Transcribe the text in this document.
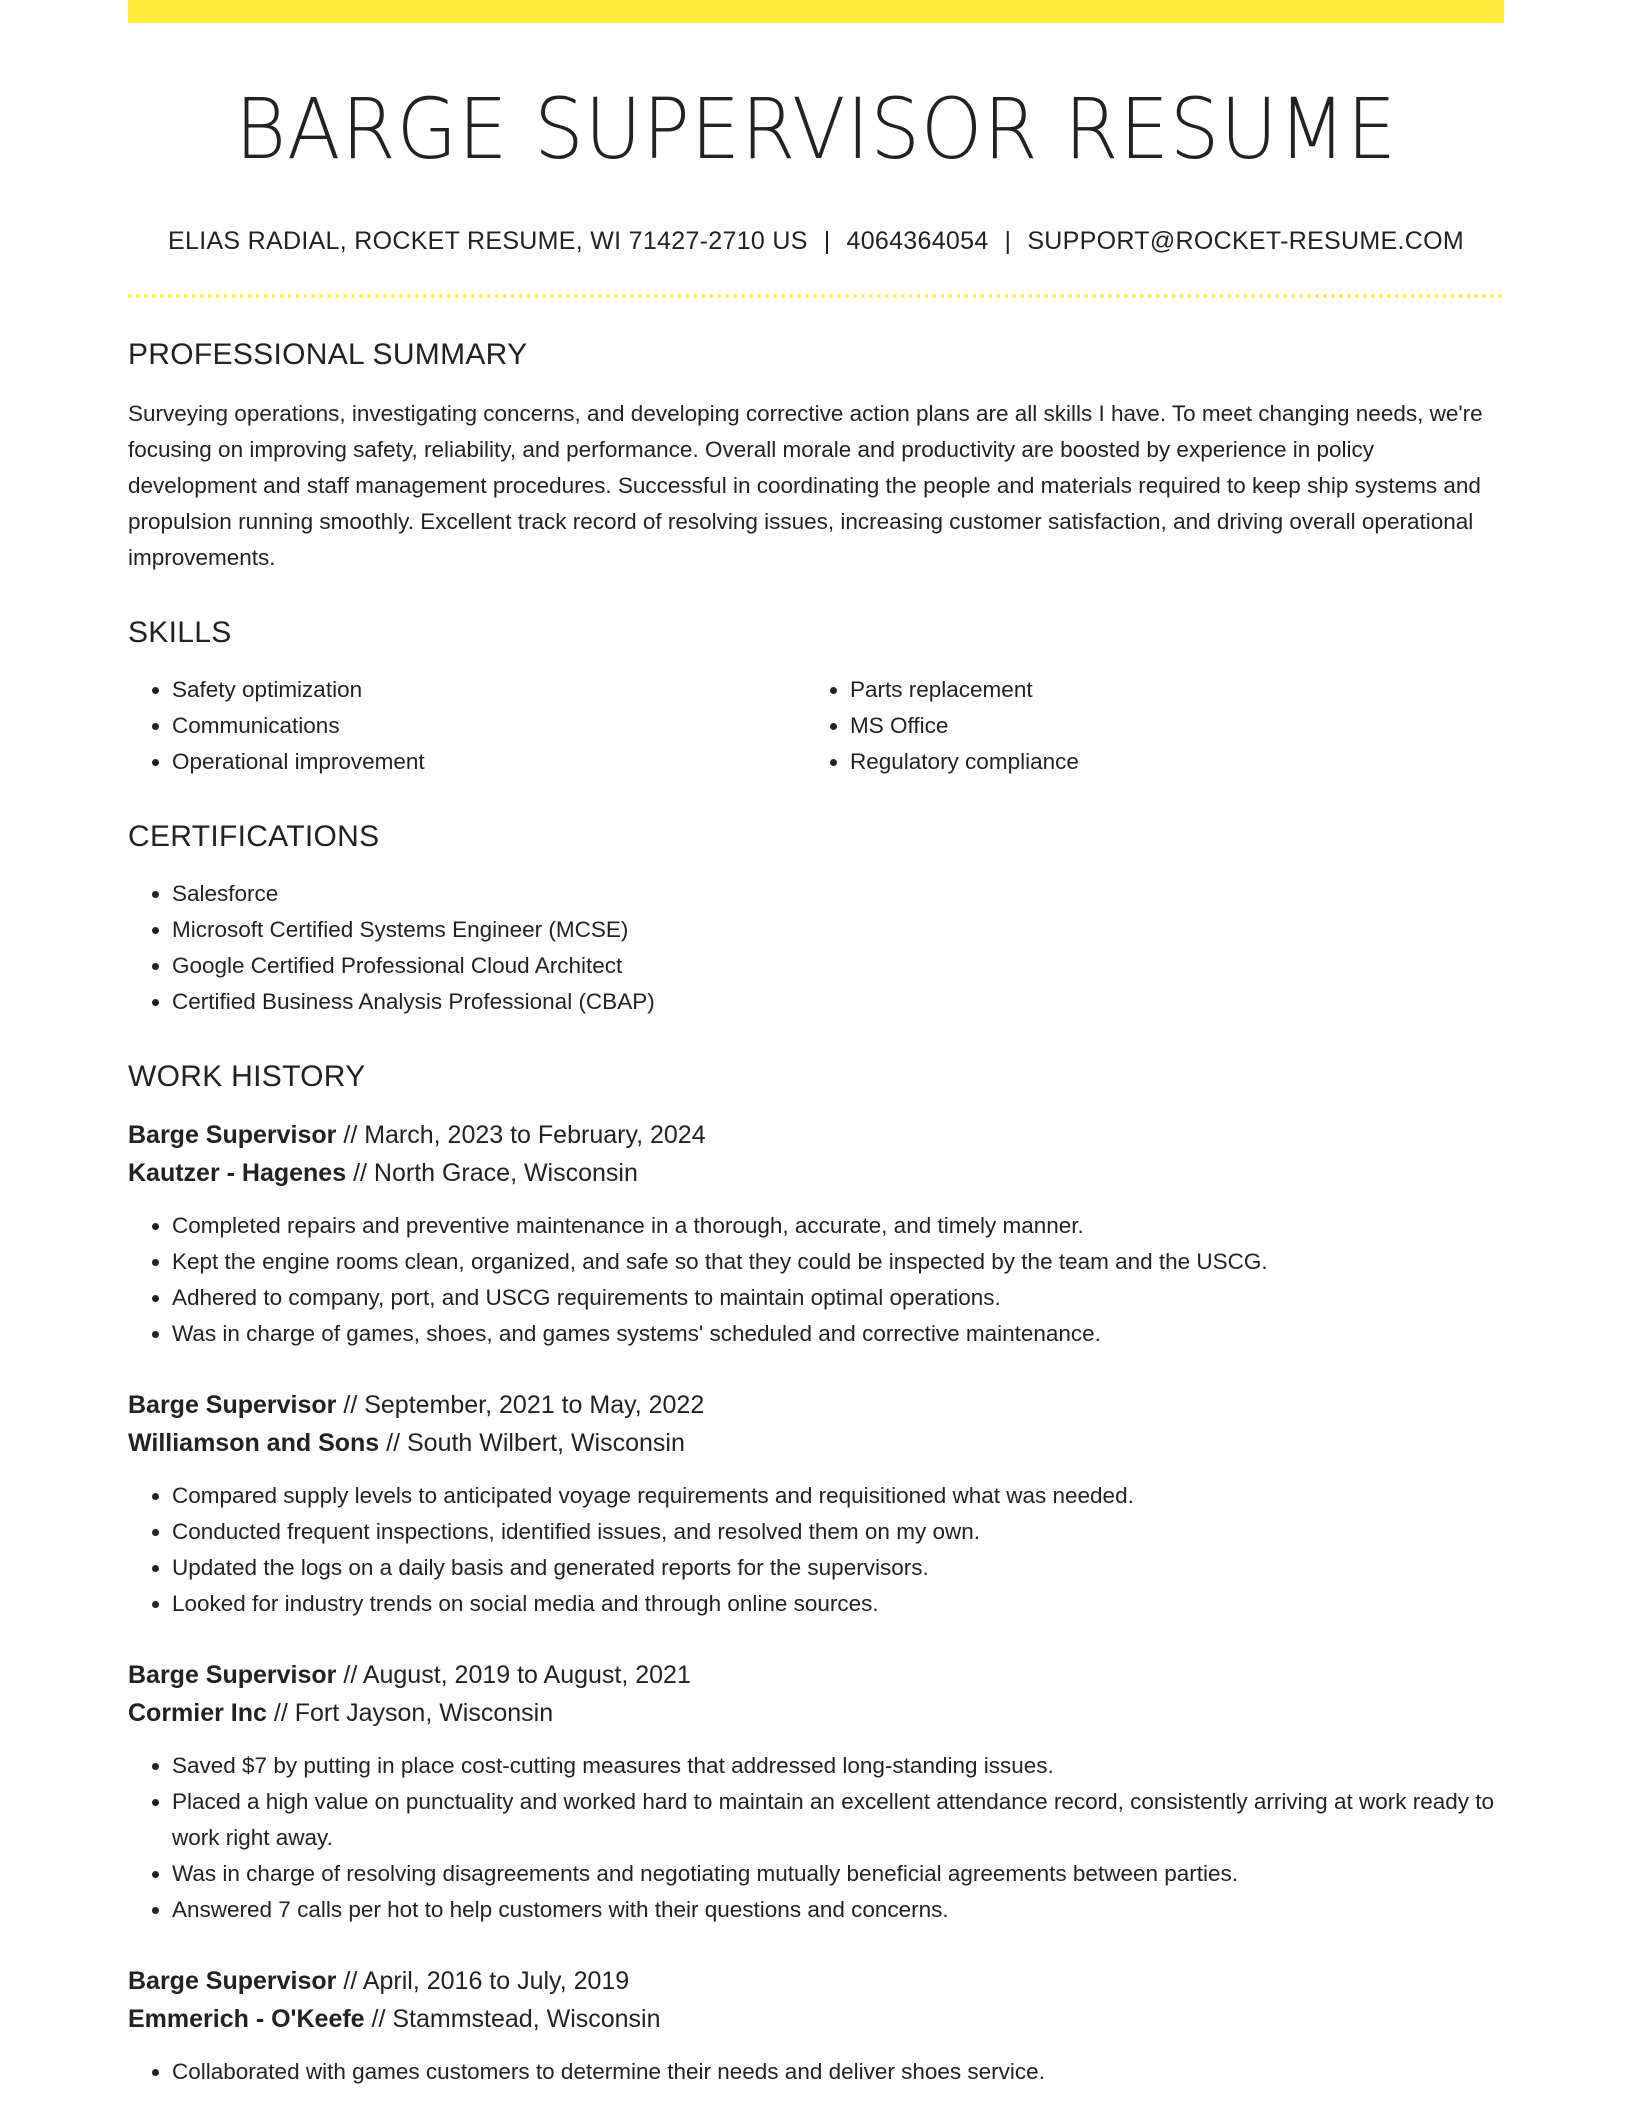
BARGE SUPERVISOR RESUME
ELIAS RADIAL, ROCKET RESUME, WI 71427-2710 US | 4064364054 | SUPPORT@ROCKET-RESUME.COM
PROFESSIONAL SUMMARY

Surveying operations, investigating concerns, and developing corrective action plans are all skills I have. To meet changing needs, we're focusing on improving safety, reliability, and performance. Overall morale and productivity are boosted by experience in policy development and staff management procedures. Successful in coordinating the people and materials required to keep ship systems and propulsion running smoothly. Excellent track record of resolving issues, increasing customer satisfaction, and driving overall operational improvements.

SKILLS
• Safety optimization
• Communications
• Operational improvement
• Parts replacement
• MS Office
• Regulatory compliance
CERTIFICATIONS
• Salesforce
• Microsoft Certified Systems Engineer (MCSE)
• Google Certified Professional Cloud Architect
• Certified Business Analysis Professional (CBAP)
WORK HISTORY
Barge Supervisor // March, 2023 to February, 2024
Kautzer - Hagenes // North Grace, Wisconsin
• Completed repairs and preventive maintenance in a thorough, accurate, and timely manner.
• Kept the engine rooms clean, organized, and safe so that they could be inspected by the team and the USCG.
• Adhered to company, port, and USCG requirements to maintain optimal operations.
• Was in charge of games, shoes, and games systems' scheduled and corrective maintenance.
Barge Supervisor // September, 2021 to May, 2022
Williamson and Sons // South Wilbert, Wisconsin
• Compared supply levels to anticipated voyage requirements and requisitioned what was needed.
• Conducted frequent inspections, identified issues, and resolved them on my own.
• Updated the logs on a daily basis and generated reports for the supervisors.
• Looked for industry trends on social media and through online sources.
Barge Supervisor // August, 2019 to August, 2021
Cormier Inc // Fort Jayson, Wisconsin
• Saved $7 by putting in place cost-cutting measures that addressed long-standing issues.
• Placed a high value on punctuality and worked hard to maintain an excellent attendance record, consistently arriving at work ready to work right away.
• Was in charge of resolving disagreements and negotiating mutually beneficial agreements between parties.
• Answered 7 calls per hot to help customers with their questions and concerns.
Barge Supervisor // April, 2016 to July, 2019
Emmerich - O'Keefe // Stammstead, Wisconsin
• Collaborated with games customers to determine their needs and deliver shoes service.
